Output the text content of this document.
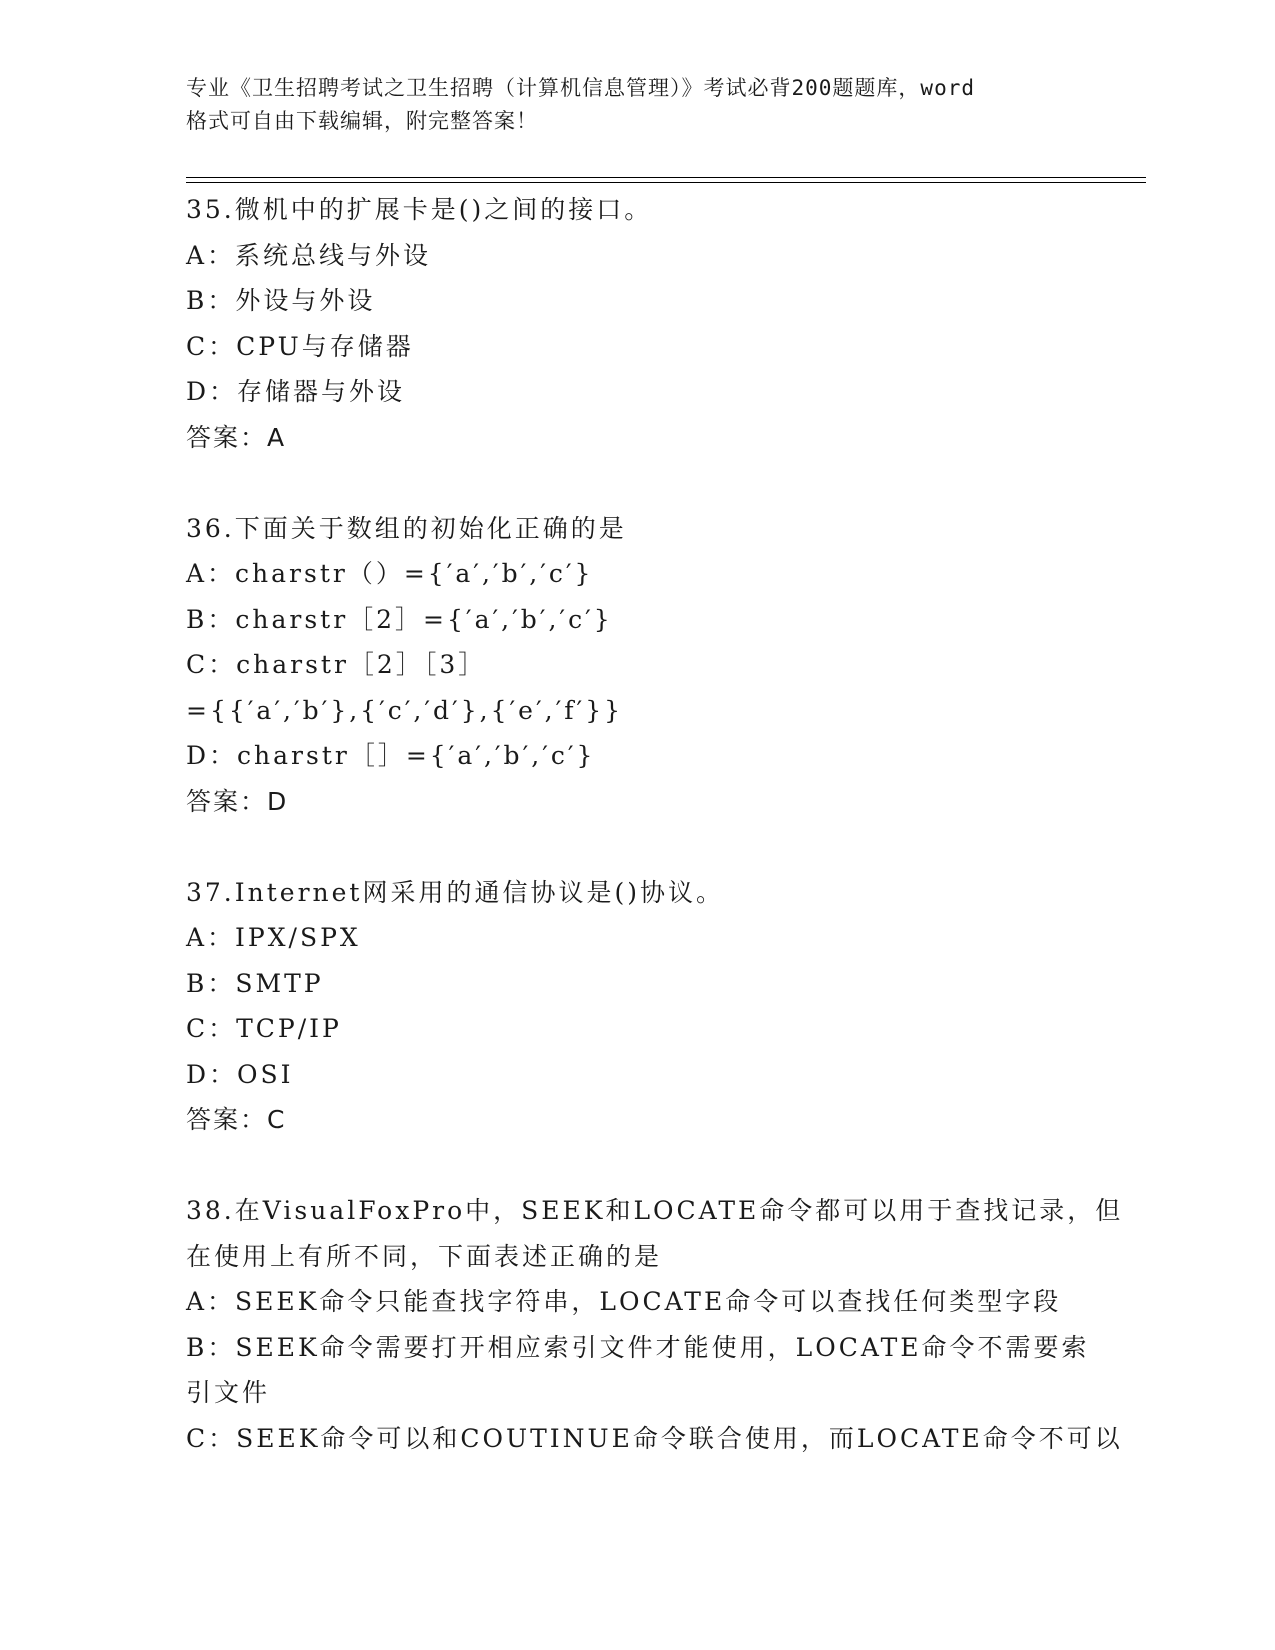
专业《卫生招聘考试之卫生招聘（计算机信息管理）》考试必背200题题库，word
格式可自由下载编辑，附完整答案！
35.微机中的扩展卡是()之间的接口。
A：系统总线与外设
B：外设与外设
C：CPU与存储器
D：存储器与外设
答案：A
36.下面关于数组的初始化正确的是
A：charstr（）={′a′,′b′,′c′}
B：charstr［2］={′a′,′b′,′c′}
C：charstr［2］［3］
={{′a′,′b′},{′c′,′d′},{′e′,′f′}}
D：charstr［］={′a′,′b′,′c′}
答案：D
37.Internet网采用的通信协议是()协议。
A：IPX/SPX
B：SMTP
C：TCP/IP
D：OSI
答案：C
38.在VisualFoxPro中，SEEK和LOCATE命令都可以用于查找记录，但
在使用上有所不同，下面表述正确的是
A：SEEK命令只能查找字符串，LOCATE命令可以查找任何类型字段
B：SEEK命令需要打开相应索引文件才能使用，LOCATE命令不需要索
引文件
C：SEEK命令可以和COUTINUE命令联合使用，而LOCATE命令不可以
